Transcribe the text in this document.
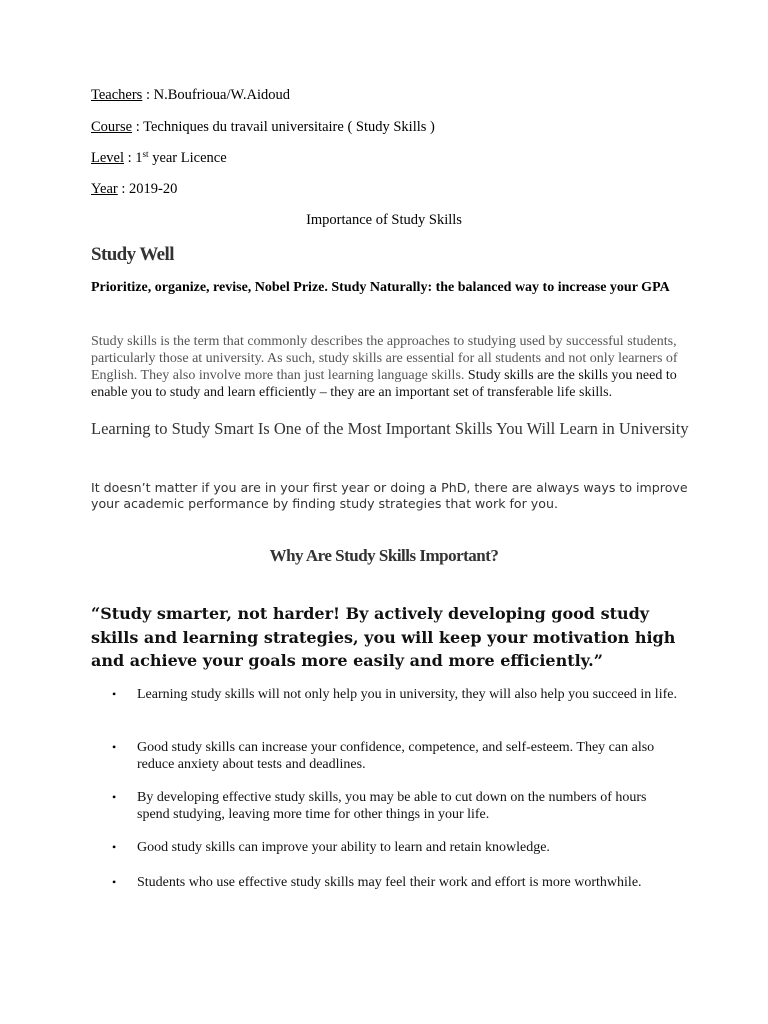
Teachers : N.Boufrioua/W.Aidoud
Course : Techniques du travail universitaire ( Study Skills )
Level : 1st year Licence
Year : 2019-20
Importance of Study Skills
Study Well
Prioritize, organize, revise, Nobel Prize. Study Naturally: the balanced way to increase your GPA
Study skills is the term that commonly describes the approaches to studying used by successful students, particularly those at university. As such, study skills are essential for all students and not only learners of English. They also involve more than just learning language skills. Study skills are the skills you need to enable you to study and learn efficiently – they are an important set of transferable life skills.
Learning to Study Smart Is One of the Most Important Skills You Will Learn in University
It doesn’t matter if you are in your first year or doing a PhD, there are always ways to improve your academic performance by finding study strategies that work for you.
Why Are Study Skills Important?
“Study smarter, not harder! By actively developing good study skills and learning strategies, you will keep your motivation high and achieve your goals more easily and more efficiently.”
• Learning study skills will not only help you in university, they will also help you succeed in life.
• Good study skills can increase your confidence, competence, and self-esteem. They can also reduce anxiety about tests and deadlines.
• By developing effective study skills, you may be able to cut down on the numbers of hours spend studying, leaving more time for other things in your life.
• Good study skills can improve your ability to learn and retain knowledge.
• Students who use effective study skills may feel their work and effort is more worthwhile.
